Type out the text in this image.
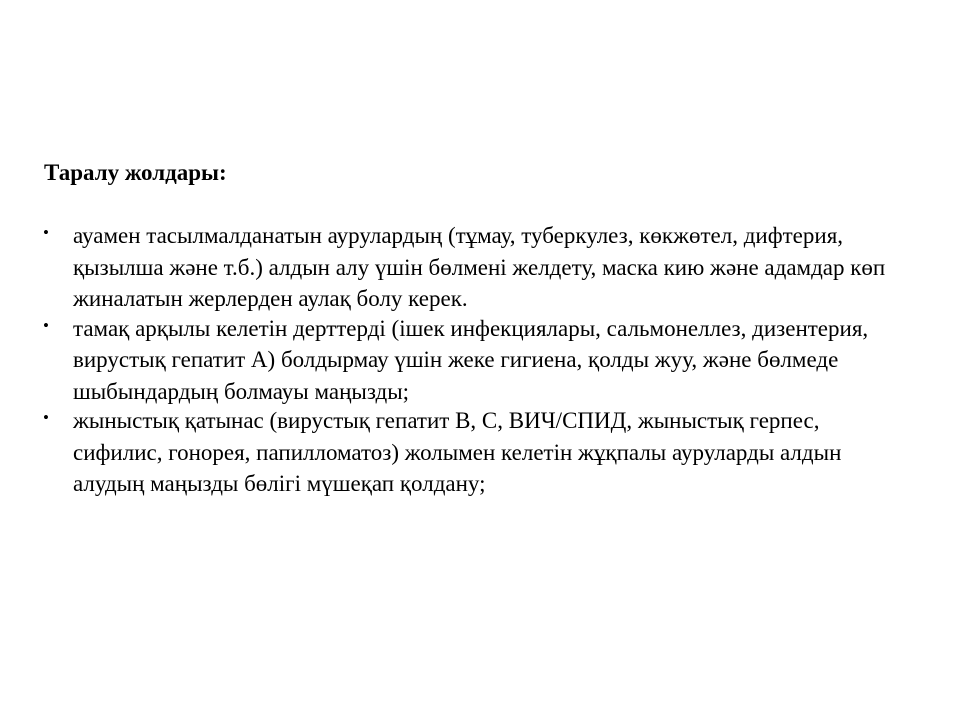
Таралу жолдары:

• ауамен тасылмалданатын аурулардың (тұмау, туберкулез, көкжөтел, дифтерия, қызылша және т.б.) алдын алу үшін бөлмені желдету, маска кию және адамдар көп жиналатын жерлерден аулақ болу керек.
• тамақ арқылы келетін дерттерді (ішек инфекциялары, сальмонеллез, дизентерия, вирустық гепатит А) болдырмау үшін жеке гигиена, қолды жуу, және бөлмеде шыбындардың болмауы маңызды;
• жыныстық қатынас (вирустық гепатит В, С, ВИЧ/СПИД, жыныстық герпес, сифилис, гонорея, папилломатоз) жолымен келетін жұқпалы ауруларды алдын алудың маңызды бөлігі мүшеқап қолдану;
